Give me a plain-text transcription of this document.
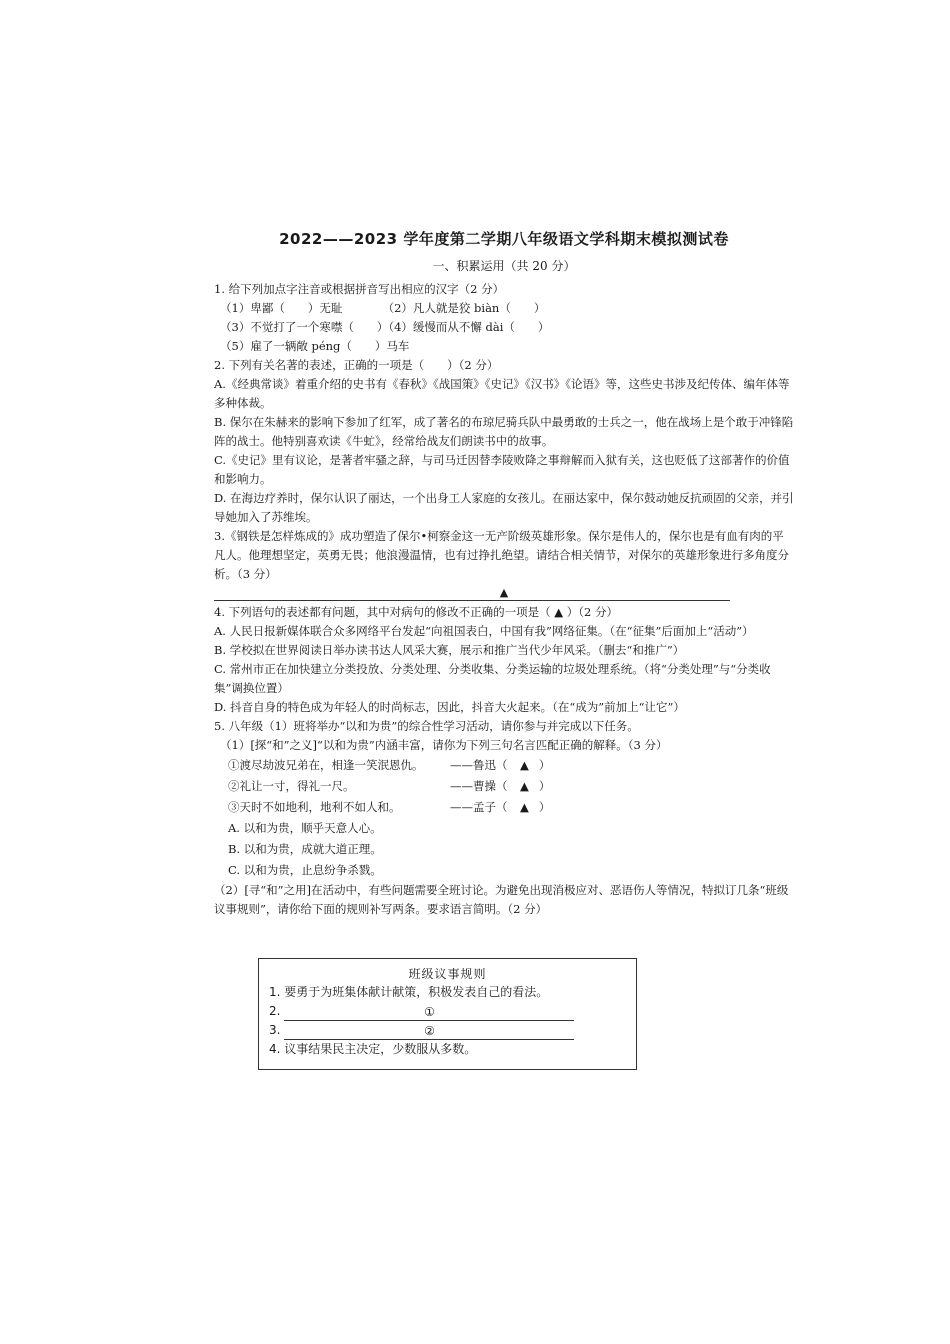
2022——2023 学年度第二学期八年级语文学科期末模拟测试卷
一、积累运用（共 20 分）
1. 给下列加点字注音或根据拼音写出相应的汉字（2 分）
（1）卑鄙（　　）无耻　　　　（2）凡人就是狡 biàn（　　）
（3）不觉打了一个寒噤（　　）（4）缓慢而从不懈 dài（　　）
（5）雇了一辆敞 péng（　　）马车
2. 下列有关名著的表述，正确的一项是（　　）（2 分）
A.《经典常谈》着重介绍的史书有《春秋》《战国策》《史记》《汉书》《论语》等，这些史书涉及纪传体、编年体等多种体裁。
B. 保尔在朱赫来的影响下参加了红军，成了著名的布琼尼骑兵队中最勇敢的士兵之一，他在战场上是个敢于冲锋陷阵的战士。他特别喜欢读《牛虻》，经常给战友们朗读书中的故事。
C.《史记》里有议论，是著者牢骚之辞，与司马迁因替李陵败降之事辩解而入狱有关，这也贬低了这部著作的价值和影响力。
D. 在海边疗养时，保尔认识了丽达，一个出身工人家庭的女孩儿。在丽达家中，保尔鼓动她反抗顽固的父亲，并引导她加入了苏维埃。
3.《钢铁是怎样炼成的》成功塑造了保尔•柯察金这一无产阶级英雄形象。保尔是伟人的，保尔也是有血有肉的平凡人。他理想坚定，英勇无畏；他浪漫温情，也有过挣扎绝望。请结合相关情节，对保尔的英雄形象进行多角度分析。（3 分）
▲
4. 下列语句的表述都有问题，其中对病句的修改不正确的一项是（ ▲ ）（2 分）
A. 人民日报新媒体联合众多网络平台发起“向祖国表白，中国有我”网络征集。（在“征集”后面加上“活动”）
B. 学校拟在世界阅读日举办读书达人风采大赛，展示和推广当代少年风采。（删去“和推广”）
C. 常州市正在加快建立分类投放、分类处理、分类收集、分类运输的垃圾处理系统。（将“分类处理”与“分类收集”调换位置）
D. 抖音自身的特色成为年轻人的时尚标志，因此，抖音大火起来。（在“成为”前加上“让它”）
5. 八年级（1）班将举办“以和为贵”的综合性学习活动，请你参与并完成以下任务。
（1）[探“和”之义]“以和为贵”内涵丰富，请你为下列三句名言匹配正确的解释。（3 分）
①渡尽劫波兄弟在，相逢一笑泯恩仇。 ——鲁迅（ ▲ ）
②礼让一寸，得礼一尺。	——曹操（ ▲ ）
③天时不如地利，地利不如人和。	——孟子（ ▲ ）
A. 以和为贵，顺乎天意人心。
B. 以和为贵，成就大道正理。
C. 以和为贵，止息纷争杀戮。
（2）[寻“和”之用]在活动中，有些问题需要全班讨论。为避免出现消极应对、恶语伤人等情况，特拟订几条“班级议事规则”，请你给下面的规则补写两条。要求语言简明。（2 分）
班级议事规则
1. 要勇于为班集体献计献策，积极发表自己的看法。
2.	①
3.	②
4. 议事结果民主决定，少数服从多数。
